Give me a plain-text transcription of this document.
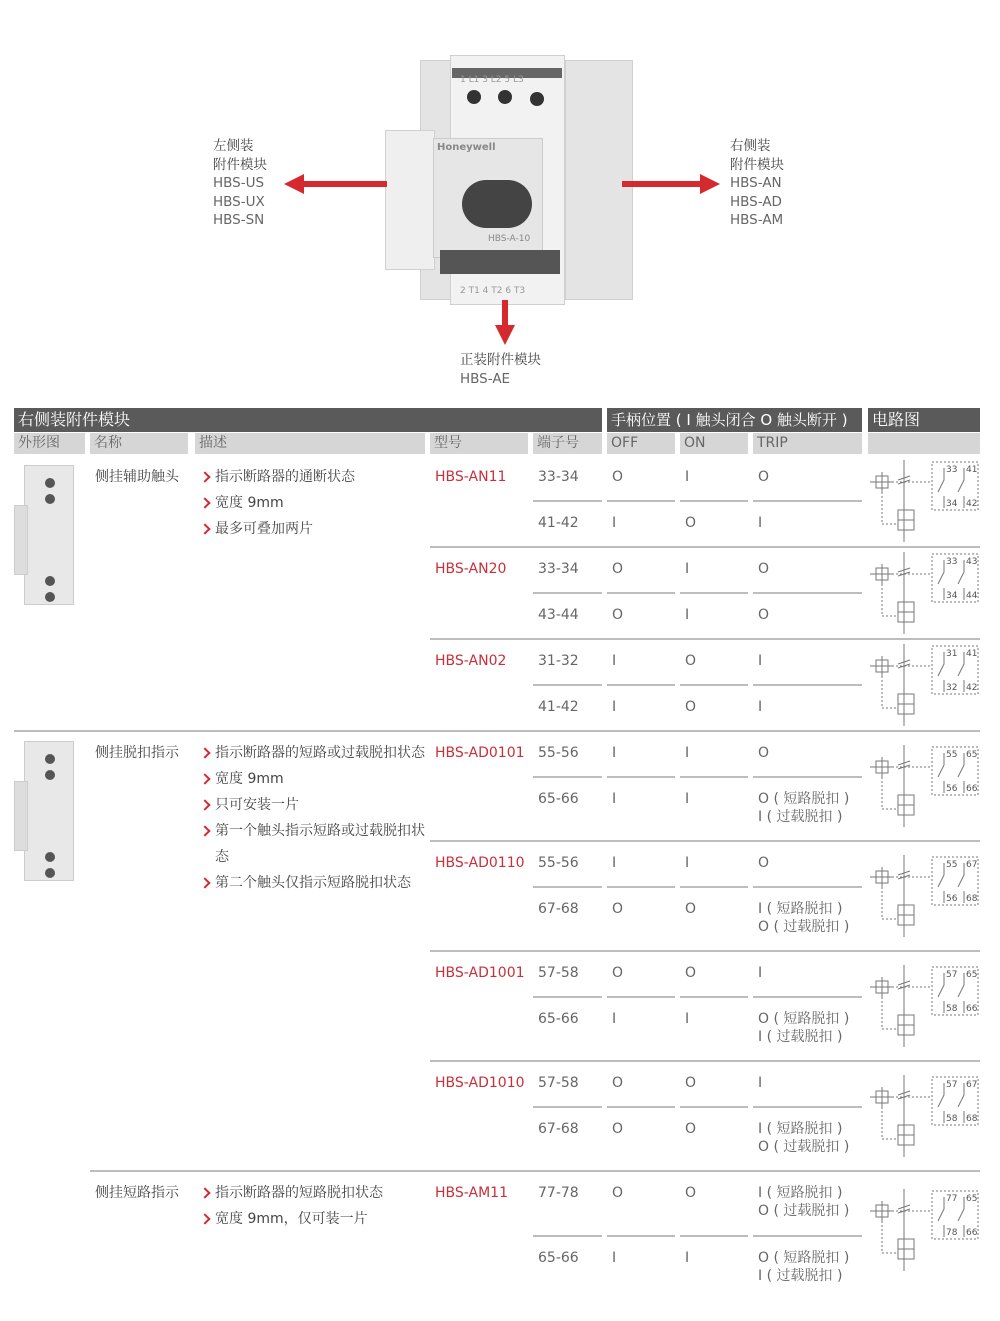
1 L1 3 L2 5 L3
Honeywell
HBS-A-10
2 T1 4 T2 6 T3
左侧装
附件模块
HBS-US
HBS-UX
HBS-SN
右侧装
附件模块
HBS-AN
HBS-AD
HBS-AM
正装附件模块
HBS-AE
右侧装附件模块	手柄位置 ( I 触头闭合 O 触头断开 )	电路图
外形图	名称	描述	型号	端子号	OFF	ON	TRIP
侧挂辅助触头	指示断路器的通断状态
宽度 9mm
最多可叠加两片
HBS-AN11 33-34 O	I	O
41-42 I	O	I
33 41
34 42
HBS-AN20 33-34 O	I	O
43-44 O	I	O
33 43
34 44
HBS-AN02 31-32 I	O	I
41-42 I	O	I
31 41
32 42
侧挂脱扣指示	指示断路器的短路或过载脱扣状态
宽度 9mm
只可安装一片
第一个触头指示短路或过载脱扣状态
第二个触头仅指示短路脱扣状态
HBS-AD0101 55-56 I	I	O
65-66 I	I	O ( 短路脱扣 )
I ( 过载脱扣 )
55 65
56 66
HBS-AD0110 55-56 I	I	O
67-68 O	O	I ( 短路脱扣 )
O ( 过载脱扣 )
55 67
56 68
HBS-AD1001 57-58 O	O	I
65-66 I	I	O ( 短路脱扣 )
I ( 过载脱扣 )
57 65
58 66
HBS-AD1010 57-58 O	O	I
67-68 O	O	I ( 短路脱扣 )
O ( 过载脱扣 )
57 67
58 68
侧挂短路指示	指示断路器的短路脱扣状态
宽度 9mm，仅可装一片
HBS-AM11 77-78 O	O	I ( 短路脱扣 )
O ( 过载脱扣 )
65-66 I	I	O ( 短路脱扣 )
I ( 过载脱扣 )
77 65
78 66
